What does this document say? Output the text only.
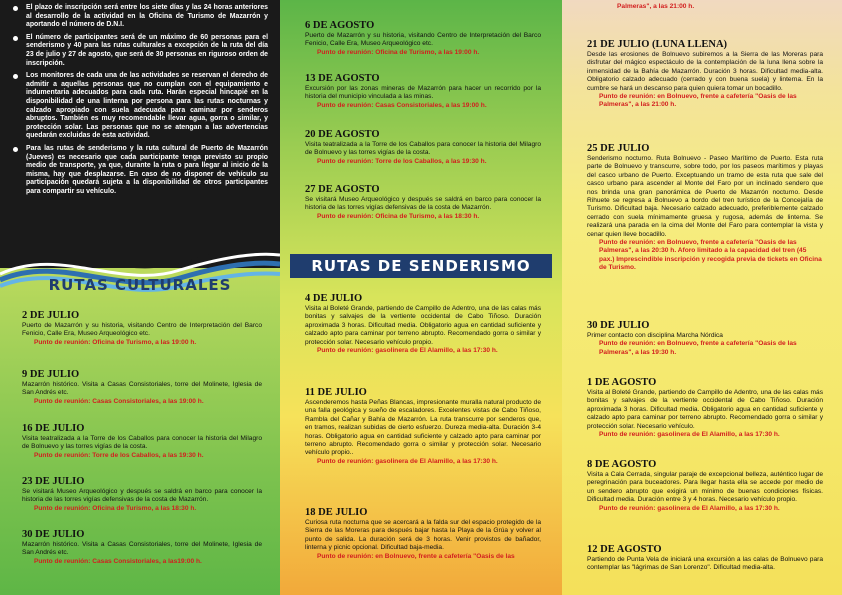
El plazo de inscripción será entre los siete días y las 24 horas anteriores al desarrollo de la actividad en la Oficina de Turismo de Mazarrón y aportando el número de D.N.I.
El número de participantes será de un máximo de 60 personas para el senderismo y 40 para las rutas culturales a excepción de la ruta del día 23 de julio y 27 de agosto, que será de 30 personas en riguroso orden de inscripción.
Los monitores de cada una de las actividades se reservan el derecho de admitir a aquellas personas que no cumplan con el equipamiento e indumentaria adecuados para cada ruta. Harán especial hincapié en la disponibilidad de una linterna por persona para las rutas nocturnas y calzado apropiado con suela adecuada para caminar por senderos abruptos. También es muy recomendable llevar agua, gorra o similar, y protección solar. Las personas que no se atengan a las advertencias quedarán excluidas de esta actividad.
Para las rutas de senderismo y la ruta cultural de Puerto de Mazarrón (Jueves) es necesario que cada participante tenga previsto su propio medio de transporte, ya que, durante la ruta o para llegar al inicio de la misma, hay que desplazarse. En caso de no disponer de vehículo su participación quedará sujeta a la disponibilidad de otros participantes para compartir su vehículo.
RUTAS CULTURALES
2 DE JULIO
Puerto de Mazarrón y su historia, visitando Centro de Interpretación del Barco Fenicio, Calle Era, Museo Arqueológico etc.
Punto de reunión: Oficina de Turismo, a las 19:00 h.
9 DE JULIO
Mazarrón histórico. Visita a Casas Consistoriales, torre del Molinete, Iglesia de San Andrés etc.
Punto de reunión: Casas Consistoriales, a las 19:00 h.
16 DE JULIO
Visita teatralizada a la Torre de los Caballos para conocer la historia del Milagro de Bolnuevo y las torres vigías de la costa.
Punto de reunión: Torre de los Caballos, a las 19:30 h.
23 DE JULIO
Se visitará Museo Arqueológico y después se saldrá en barco para conocer la historia de las torres vigías defensivas de la costa de Mazarrón.
Punto de reunión: Oficina de Turismo, a las 18:30 h.
30 DE JULIO
Mazarrón histórico. Visita a Casas Consistoriales, torre del Molinete, Iglesia de San Andrés etc.
Punto de reunión: Casas Consistoriales, a las19:00 h.
6 DE AGOSTO
Puerto de Mazarrón y su historia, visitando Centro de Interpretación del Barco Fenicio, Calle Era, Museo Arqueológico etc.
Punto de reunión: Oficina de Turismo, a las 19:00 h.
13 DE AGOSTO
Excursión por las zonas mineras de Mazarrón para hacer un recorrido por la historia del municipio vinculada a las minas.
Punto de reunión: Casas Consistoriales, a las 19:00 h.
20 DE AGOSTO
Visita teatralizada a la Torre de los Caballos para conocer la historia del Milagro de Bolnuevo y las torres vigías de la costa.
Punto de reunión: Torre de los Caballos, a las 19:30 h.
27 DE AGOSTO
Se visitará Museo Arqueológico y después se saldrá en barco para conocer la historia de las torres vigías defensivas de la costa de Mazarrón.
Punto de reunión: Oficina de Turismo, a las 18:30 h.
RUTAS DE SENDERISMO
4 DE JULIO
Visita al Boleté Grande, partiendo de Campillo de Adentro, una de las calas más bonitas y salvajes de la vertiente occidental de Cabo Tiñoso. Duración aproximada 3 horas. Dificultad media. Obligatorio agua en cantidad suficiente y calzado apto para caminar por terreno abrupto. Recomendado gorra o similar y protección solar. Necesario vehículo propio.
Punto de reunión: gasolinera de El Alamillo, a las 17:30 h.
11 DE JULIO
Ascenderemos hasta Peñas Blancas, impresionante muralla natural producto de una falla geológica y sueño de escaladores. Excelentes vistas de Cabo Tiñoso, Rambla del Cañar y Bahía de Mazarrón. La ruta transcurre por senderos que, en tramos, realizan subidas de cierto esfuerzo. Dureza media-alta. Duración 3-4 horas. Obligatorio agua en cantidad suficiente y calzado apto para caminar por terreno abrupto. Recomendado gorra o similar y protección solar. Necesario vehículo propio..
Punto de reunión: gasolinera de El Alamillo, a las 17:30 h.
18 DE JULIO
Curiosa ruta nocturna que se acercará a la falda sur del espacio protegido de la Sierra de las Moreras para después bajar hasta la Playa de la Grúa y volver al punto de salida. La duración será de 3 horas. Venir provistos de bañador, linterna y picnic opcional. Dificultad baja-media.
Punto de reunión: en Bolnuevo, frente a cafetería "Oasis de las
Palmeras", a las 21:00 h.
21 DE JULIO (LUNA LLENA)
Desde las erosiones de Bolnuevo subiremos a la Sierra de las Moreras para disfrutar del mágico espectáculo de la contemplación de la luna llena sobre la inmensidad de la Bahía de Mazarrón. Duración 3 horas. Dificultad media-alta. Obligatorio calzado adecuado (cerrado y con buena suela) y linterna. En la cumbre se hará un descanso para quien quiera tomar un bocadillo.
Punto de reunión: en Bolnuevo, frente a cafetería "Oasis de las Palmeras", a las 21:00 h.
25 DE JULIO
Senderismo nocturno. Ruta Bolnuevo - Paseo Marítimo de Puerto. Esta ruta parte de Bolnuevo y transcurre, sobre todo, por los paseos marítimos y playas del casco urbano de Puerto. Exceptuando un tramo de esta ruta que sale del casco urbano para ascender al Monte del Faro por un inclinado sendero que nos brinda una gran panorámica de Puerto de Mazarrón nocturno. Desde Rihuete se regresa a Bolnuevo a bordo del tren turístico de la Concejalía de Turismo. Dificultad baja. Necesario calzado adecuado, preferiblemente calzado cerrado con suela mínimamente gruesa y rugosa, además de linterna. Se realizará una parada en la cima del Monte del Faro para contemplar la vista y cenar quien lleve bocadillo.
Punto de reunión: en Bolnuevo, frente a cafetería "Oasis de las Palmeras", a las 20:30 h. Aforo limitado a la capacidad del tren (45 pax.) Imprescindible inscripción y recogida previa de tickets en Oficina de Turismo.
30 DE JULIO
Primer contacto con disciplina Marcha Nórdica
Punto de reunión: en Bolnuevo, frente a cafetería "Oasis de las Palmeras", a las 19:30 h.
1 DE AGOSTO
Visita al Boleté Grande, partiendo de Campillo de Adentro, una de las calas más bonitas y salvajes de la vertiente occidental de Cabo Tiñoso. Duración aproximada 3 horas. Dificultad media. Obligatorio agua en cantidad suficiente y calzado apto para caminar por terreno abrupto. Recomendado gorra o similar y protección solar. Necesario vehículo.
Punto de reunión: gasolinera de El Alamillo, a las 17:30 h.
8 DE AGOSTO
Visita a Cala Cerrada, singular paraje de excepcional belleza, auténtico lugar de peregrinación para buceadores. Para llegar hasta ella se accede por medio de un sendero abrupto que exigirá un mínimo de buenas condiciones físicas. Dificultad media. Duración entre 3 y 4 horas. Necesario vehículo propio.
Punto de reunión: gasolinera de El Alamillo, a las 17:30 h.
12 DE AGOSTO
Partiendo de Punta Vela de iniciará una excursión a las calas de Bolnuevo para contemplar las "lágrimas de San Lorenzo". Dificultad media-alta.
